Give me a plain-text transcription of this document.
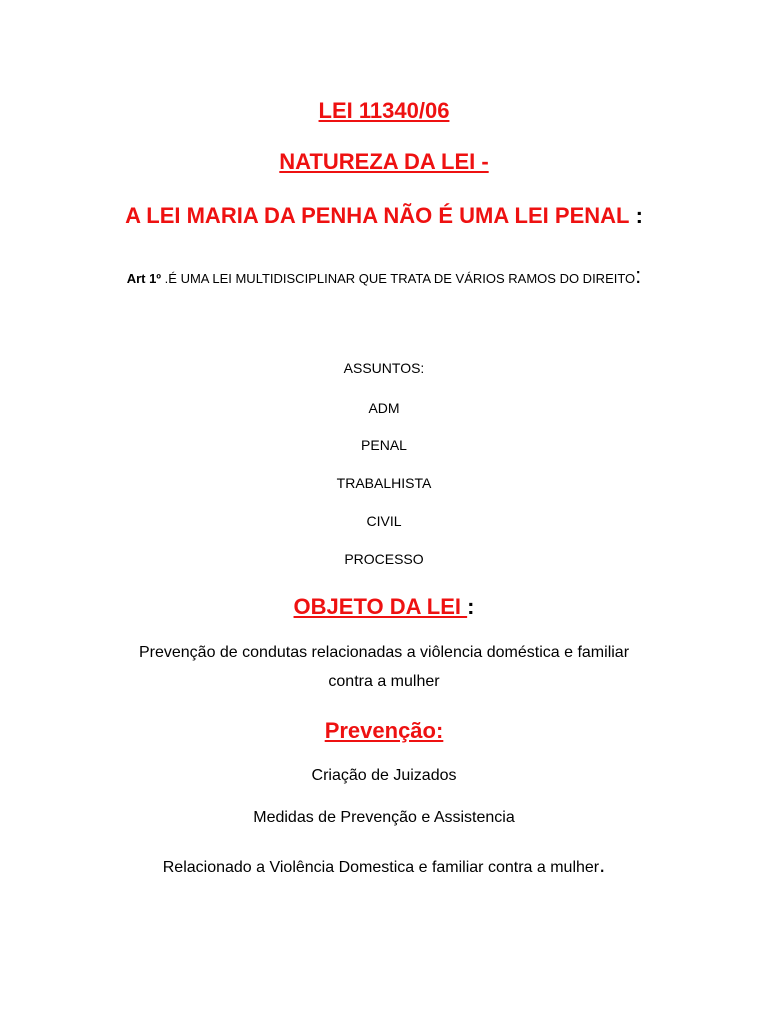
LEI 11340/06
NATUREZA DA LEI -
A LEI MARIA DA PENHA NÃO É UMA LEI PENAL :
Art 1º .É UMA LEI MULTIDISCIPLINAR QUE TRATA DE VÁRIOS RAMOS DO DIREITO:
ASSUNTOS:
ADM
PENAL
TRABALHISTA
CIVIL
PROCESSO
OBJETO DA LEI :
Prevenção de condutas relacionadas a viôlencia doméstica e familiar
contra a mulher
Prevenção:
Criação de Juizados
Medidas de Prevenção e Assistencia
Relacionado a Violência Domestica e familiar contra a mulher.
